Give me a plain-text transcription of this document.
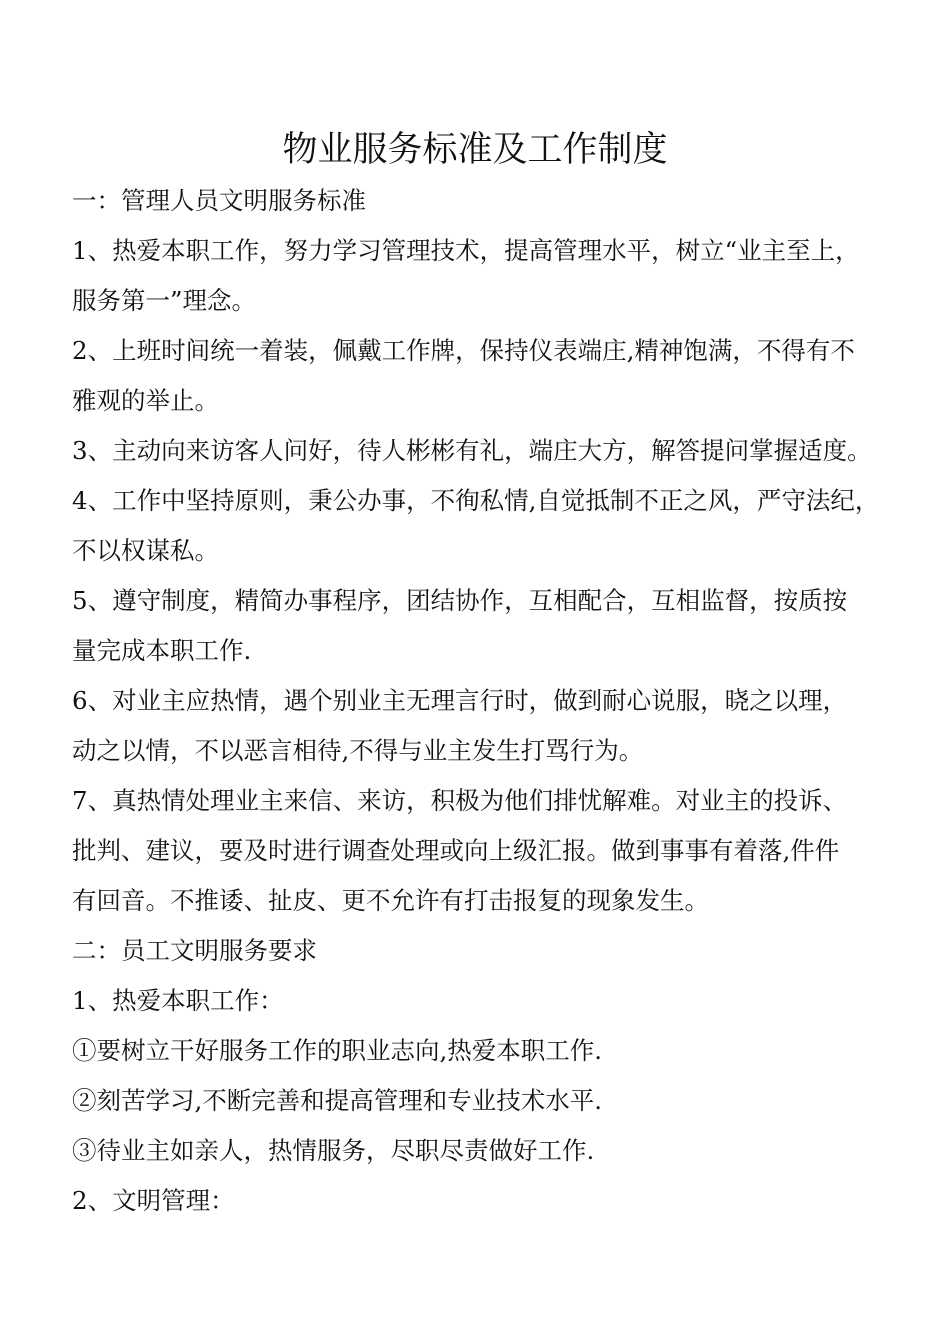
物业服务标准及工作制度
一：管理人员文明服务标准
1、热爱本职工作，努力学习管理技术，提高管理水平，树立“业主至上，
服务第一”理念。
2、上班时间统一着装，佩戴工作牌，保持仪表端庄,精神饱满，不得有不
雅观的举止。
3、主动向来访客人问好，待人彬彬有礼，端庄大方，解答提问掌握适度。
4、工作中坚持原则，秉公办事，不徇私情,自觉抵制不正之风，严守法纪，
不以权谋私。
5、遵守制度，精简办事程序，团结协作，互相配合，互相监督，按质按
量完成本职工作.
6、对业主应热情，遇个别业主无理言行时，做到耐心说服，晓之以理，
动之以情，不以恶言相待,不得与业主发生打骂行为。
7、真热情处理业主来信、来访，积极为他们排忧解难。对业主的投诉、
批判、建议，要及时进行调查处理或向上级汇报。做到事事有着落,件件
有回音。不推诿、扯皮、更不允许有打击报复的现象发生。
二：员工文明服务要求
1、热爱本职工作：
①要树立干好服务工作的职业志向,热爱本职工作.
②刻苦学习,不断完善和提高管理和专业技术水平.
③待业主如亲人，热情服务，尽职尽责做好工作.
2、文明管理：
